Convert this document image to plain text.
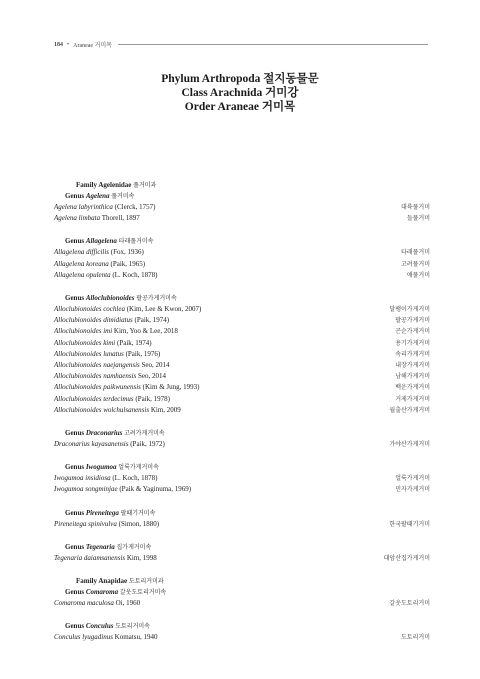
184 • Araneae 거미목
Phylum Arthropoda 절지동물문
Class Arachnida 거미강
Order Araneae 거미목
Family Agelenidae 풀거미과
Genus Agelena 풀거미속
Agelena labyrinthica (Clerck, 1757)	대륙풀거미
Agelena limbata Thorell, 1897	들풀거미
Genus Allagelena 타래풀거미속
Allagelena difficilis (Fox, 1936)	타래풀거미
Allagelena koreana (Paik, 1965)	고려풀거미
Allagelena opulenta (L. Koch, 1878)	애풀거미
Genus Alloclubionoides 팔공가게거미속
Alloclubionoides cochlea (Kim, Lee & Kwon, 2007)	달팽이가게거미
Alloclubionoides dimidiatus (Paik, 1974)	팔공가게거미
Alloclubionoides imi Kim, Yoo & Lee, 2018	곤순가게거미
Alloclubionoides kimi (Paik, 1974)	용기가게거미
Alloclubionoides lunatus (Paik, 1976)	속리가게거미
Alloclubionoides naejangensis Seo, 2014	내장가게거미
Alloclubionoides namhaensis Seo, 2014	남해가게거미
Alloclubionoides paikwunensis (Kim & Jung, 1993)	백운가게거미
Alloclubionoides terdecimus (Paik, 1978)	거제가게거미
Alloclubionoides wolchulsanensis Kim, 2009	월출산가게거미
Genus Draconarius 고려가게거미속
Draconarius kayasanensis (Paik, 1972)	가야산가게거미
Genus Iwogumoa 얼룩가게거미속
Iwogumoa insidiosa (L. Koch, 1878)	얼룩가게거미
Iwogumoa songminjae (Paik & Yaginuma, 1969)	민자가게거미
Genus Pireneitega 팔때기거미속
Pireneitega spinivulva (Simon, 1880)	한국팔때기거미
Genus Tegenaria 집가게거미속
Tegenaria daiamsanensis Kim, 1998	대암산집가게거미
Family Anapidae 도토리거미과
Genus Comaroma 갈웃도토리거미속
Comaroma maculosa Oi, 1960	갈웃도토리거미
Genus Conculus 도토리거미속
Conculus lyugadinus Komatsu, 1940	도토리거미
